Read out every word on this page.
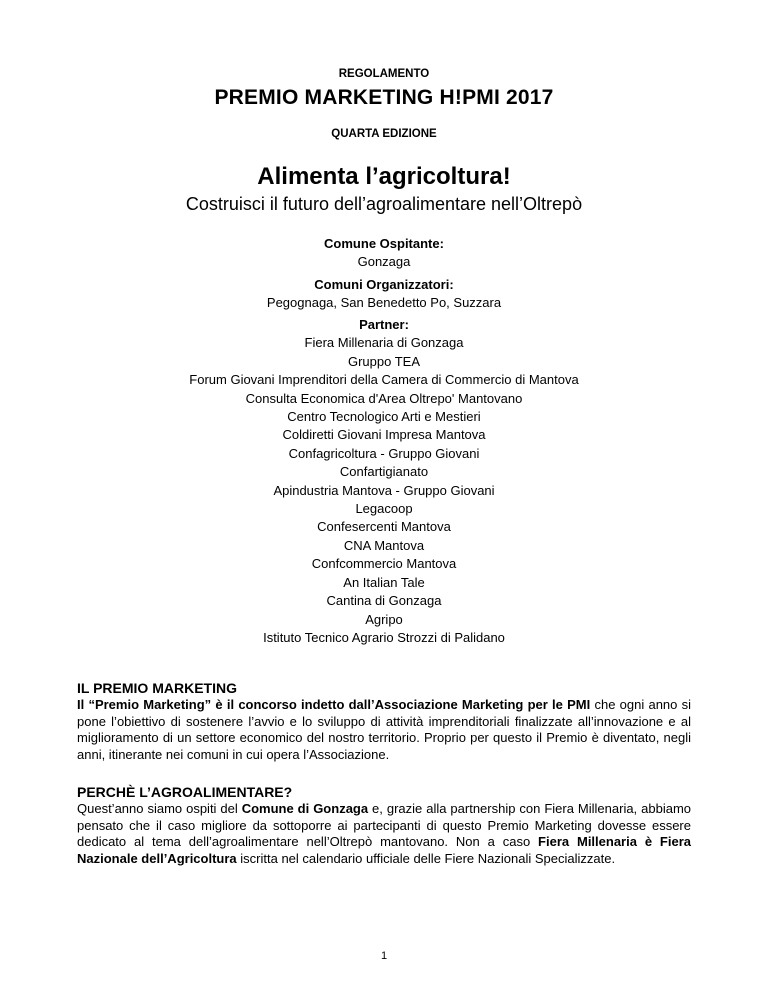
REGOLAMENTO
PREMIO MARKETING H!PMI 2017
QUARTA EDIZIONE
Alimenta l’agricoltura!
Costruisci il futuro dell’agroalimentare nell’Oltrepò
Comune Ospitante:
Gonzaga
Comuni Organizzatori:
Pegognaga, San Benedetto Po, Suzzara
Partner:
Fiera Millenaria di Gonzaga
Gruppo TEA
Forum Giovani Imprenditori della Camera di Commercio di Mantova
Consulta Economica d'Area Oltrepo' Mantovano
Centro Tecnologico Arti e Mestieri
Coldiretti Giovani Impresa Mantova
Confagricoltura - Gruppo Giovani
Confartigianato
Apindustria Mantova - Gruppo Giovani
Legacoop
Confesercenti Mantova
CNA Mantova
Confcommercio Mantova
An Italian Tale
Cantina di Gonzaga
Agripo
Istituto Tecnico Agrario Strozzi di Palidano
IL PREMIO MARKETING
Il “Premio Marketing” è il concorso indetto dall’Associazione Marketing per le PMI che ogni anno si pone l’obiettivo di sostenere l’avvio e lo sviluppo di attività imprenditoriali finalizzate all’innovazione e al miglioramento di un settore economico del nostro territorio. Proprio per questo il Premio è diventato, negli anni, itinerante nei comuni in cui opera l’Associazione.
PERCHÈ L’AGROALIMENTARE?
Quest’anno siamo ospiti del Comune di Gonzaga e, grazie alla partnership con Fiera Millenaria, abbiamo pensato che il caso migliore da sottoporre ai partecipanti di questo Premio Marketing dovesse essere dedicato al tema dell’agroalimentare nell’Oltrepò mantovano. Non a caso Fiera Millenaria è Fiera Nazionale dell’Agricoltura iscritta nel calendario ufficiale delle Fiere Nazionali Specializzate.
1
